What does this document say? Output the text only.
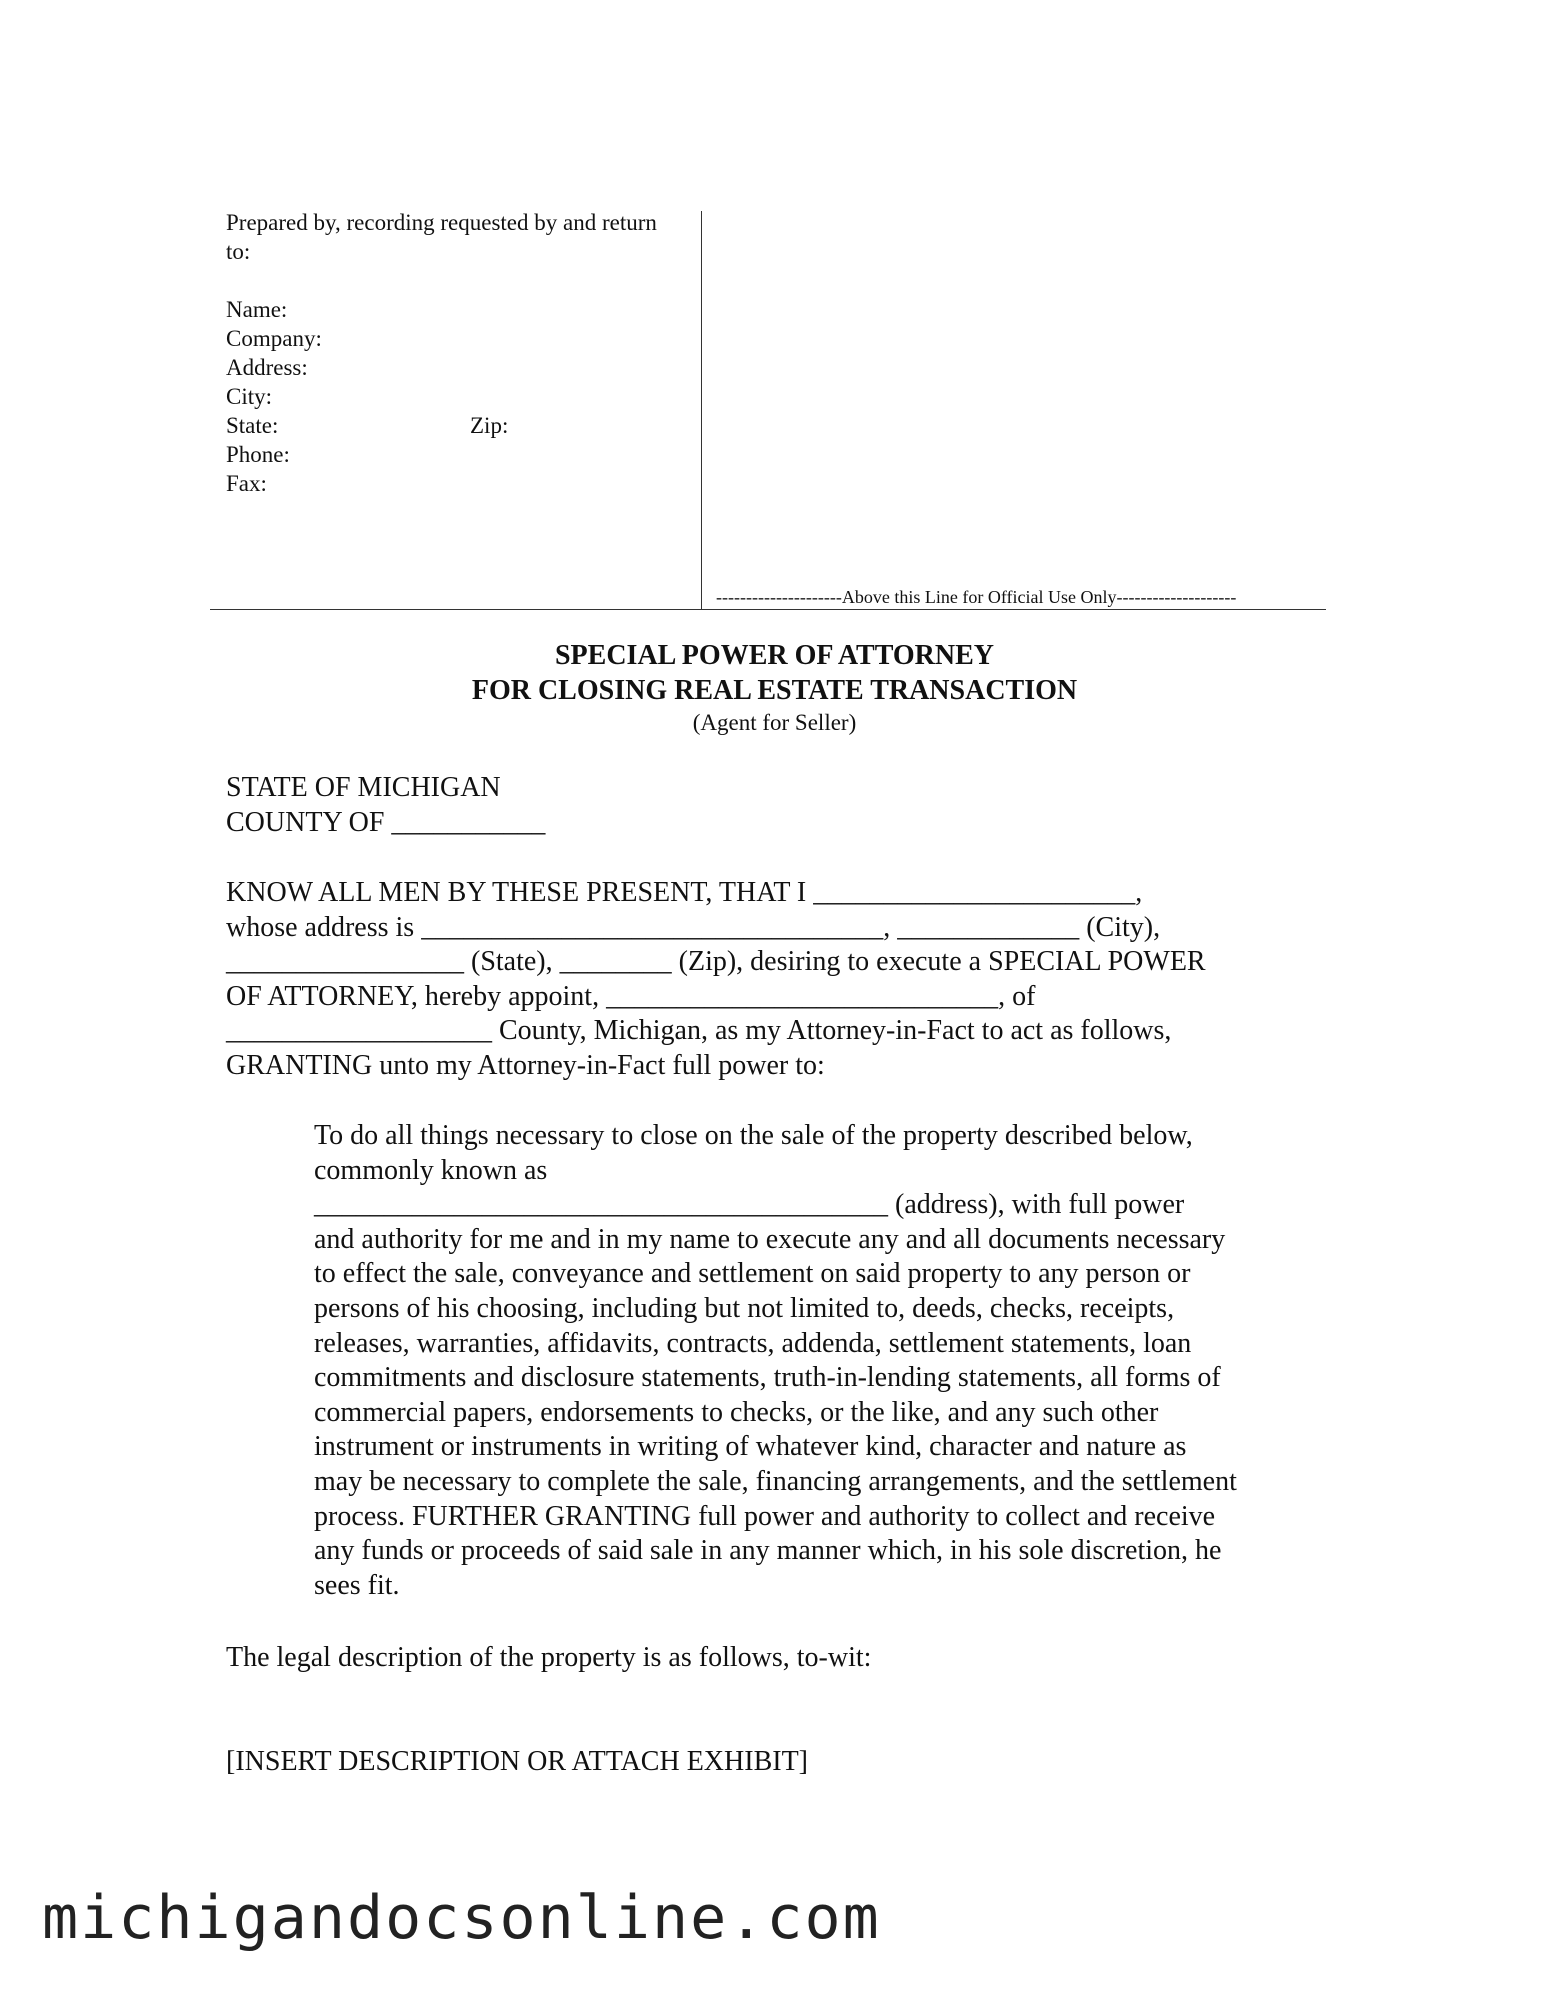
Prepared by, recording requested by and return to:
Name:
Company:
Address:
City:
State:	Zip:
Phone:
Fax:
---------------------Above this Line for Official Use Only--------------------
SPECIAL POWER OF ATTORNEY
FOR CLOSING REAL ESTATE TRANSACTION
(Agent for Seller)
STATE OF MICHIGAN
COUNTY OF ___________
KNOW ALL MEN BY THESE PRESENT, THAT I _______________________,
whose address is _________________________________, _____________ (City),
_________________ (State), ________ (Zip), desiring to execute a SPECIAL POWER
OF ATTORNEY, hereby appoint, ____________________________, of
___________________ County, Michigan, as my Attorney-in-Fact to act as follows,
GRANTING unto my Attorney-in-Fact full power to:
To do all things necessary to close on the sale of the property described below,
commonly known as
_________________________________________ (address), with full power
and authority for me and in my name to execute any and all documents necessary
to effect the sale, conveyance and settlement on said property to any person or
persons of his choosing, including but not limited to, deeds, checks, receipts,
releases, warranties, affidavits, contracts, addenda, settlement statements, loan
commitments and disclosure statements, truth-in-lending statements, all forms of
commercial papers, endorsements to checks, or the like, and any such other
instrument or instruments in writing of whatever kind, character and nature as
may be necessary to complete the sale, financing arrangements, and the settlement
process. FURTHER GRANTING full power and authority to collect and receive
any funds or proceeds of said sale in any manner which, in his sole discretion, he
sees fit.
The legal description of the property is as follows, to-wit:
[INSERT DESCRIPTION OR ATTACH EXHIBIT]
michigandocsonline.com
